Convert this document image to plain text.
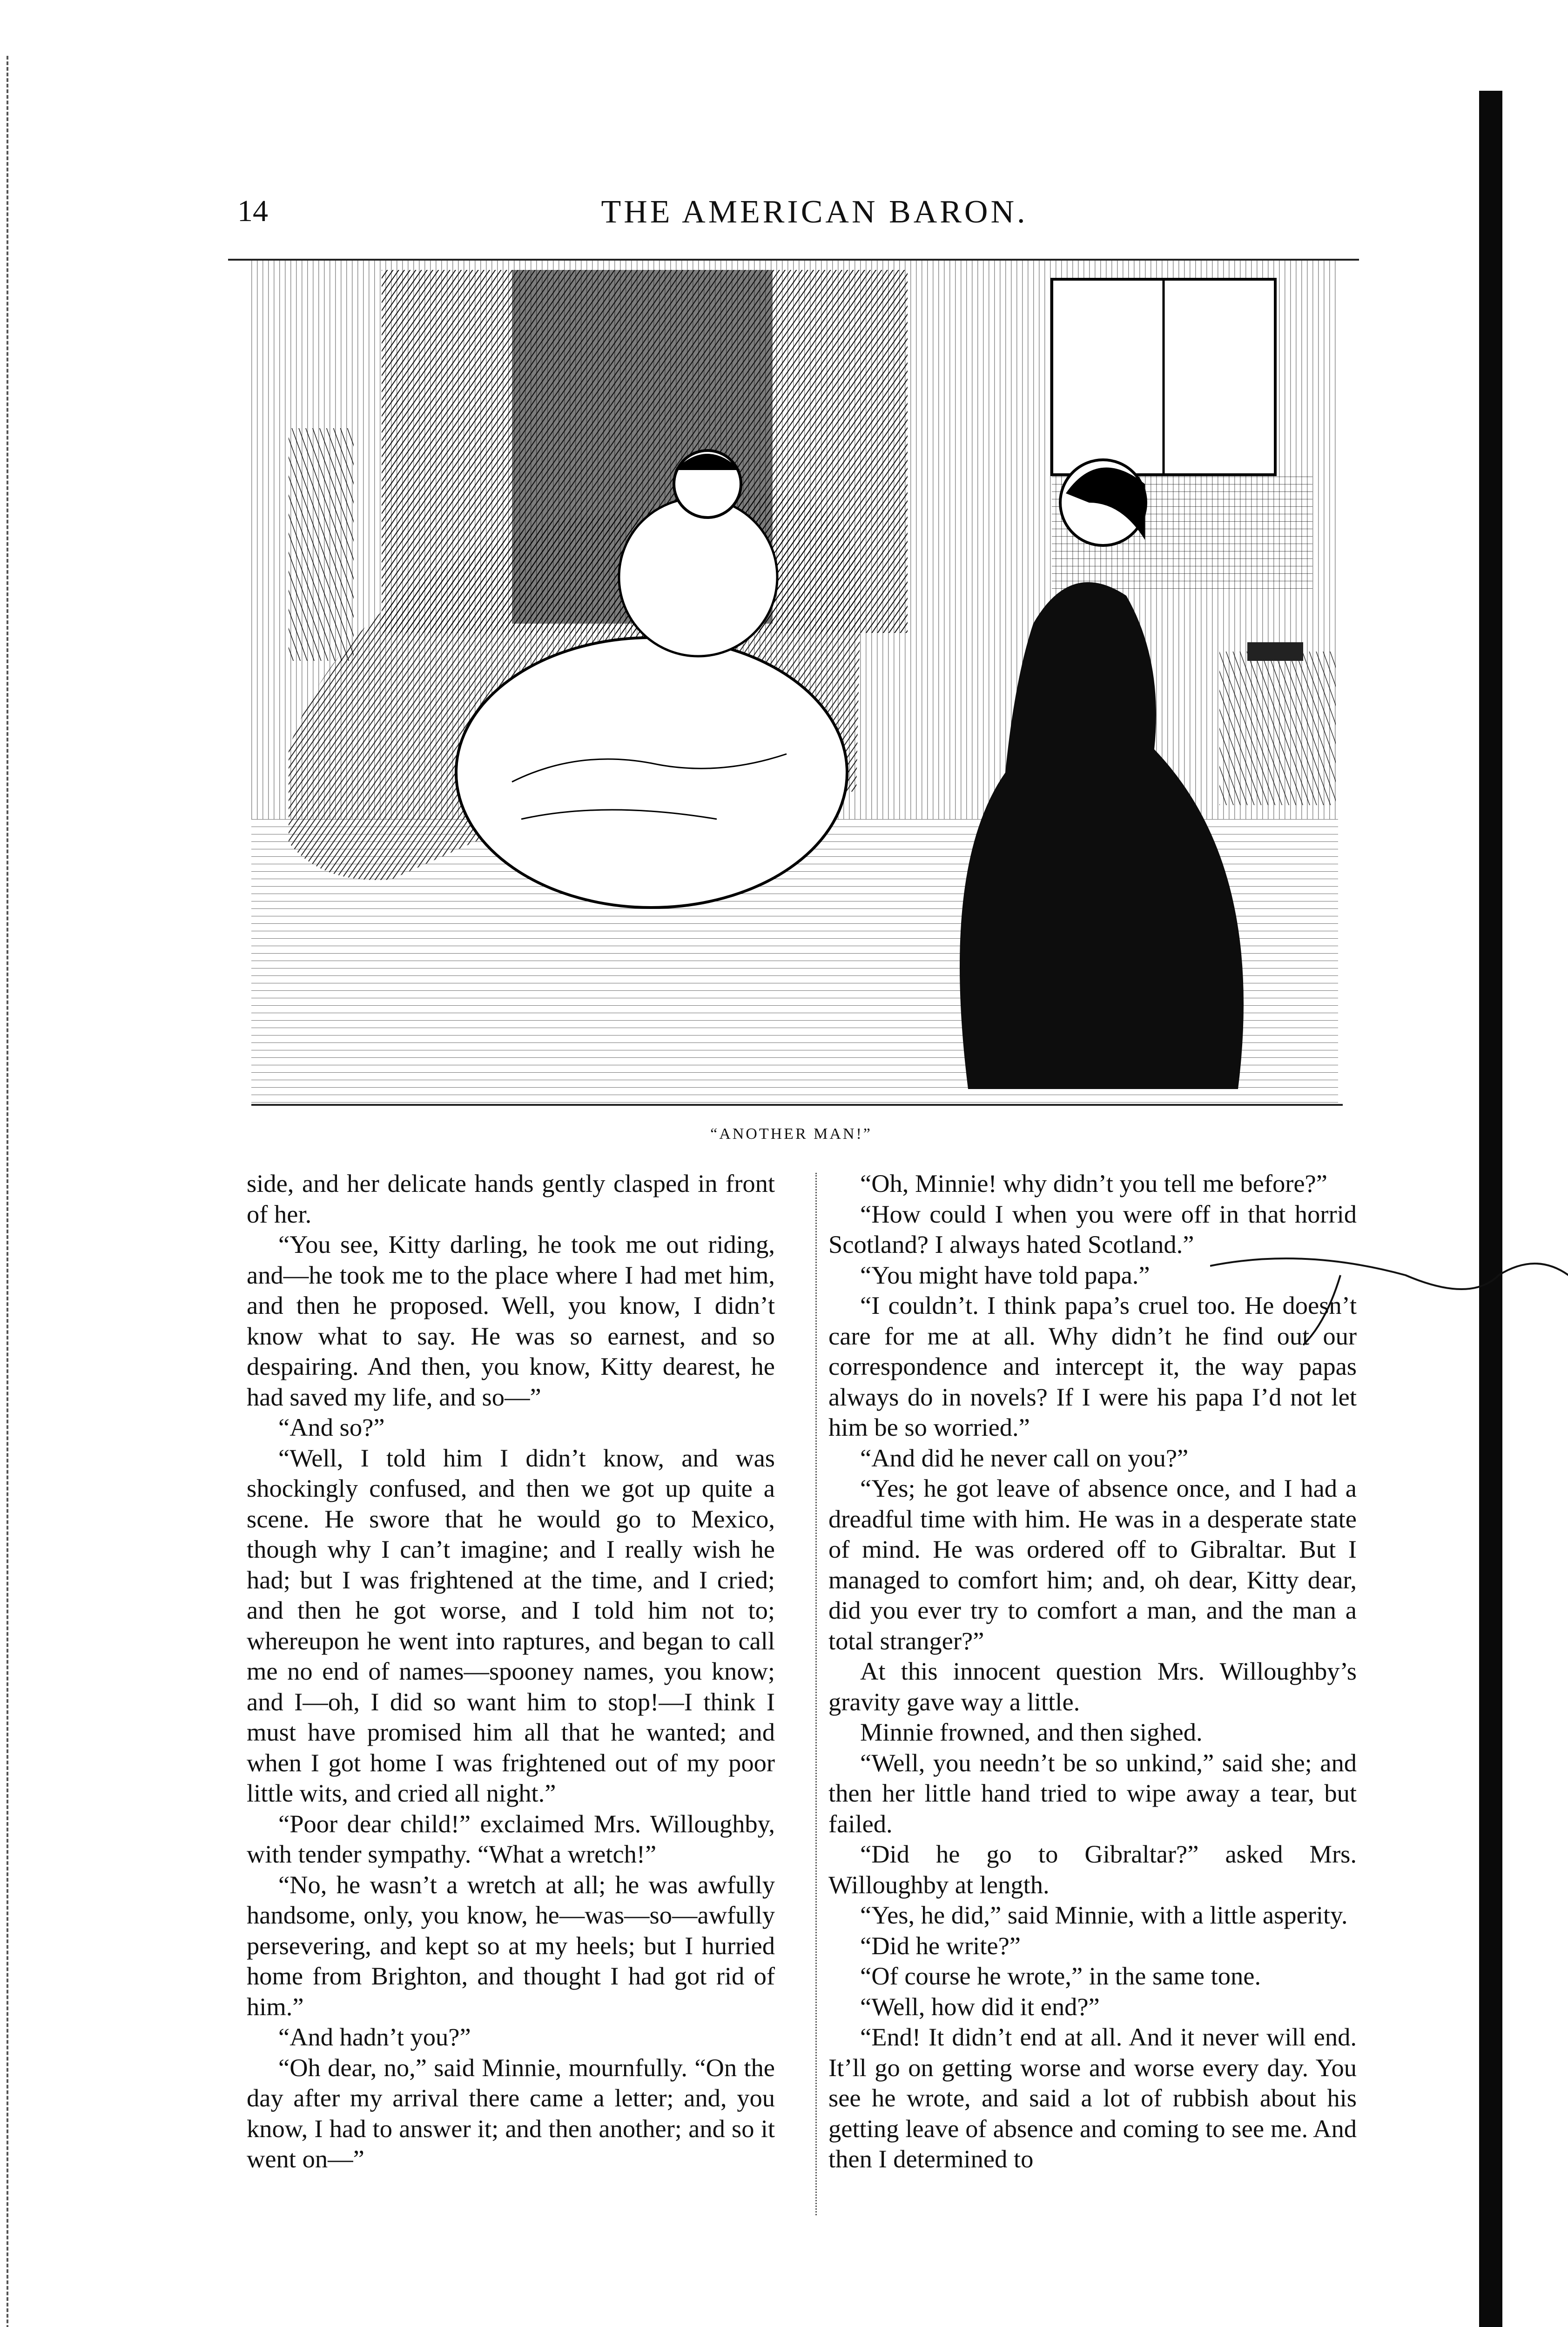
14	THE AMERICAN BARON.
“ANOTHER MAN!”

side, and her delicate hands gently clasped in front of her.

“You see, Kitty darling, he took me out riding, and—he took me to the place where I had met him, and then he proposed. Well, you know, I didn’t know what to say. He was so earnest, and so despairing. And then, you know, Kitty dearest, he had saved my life, and so—”

“And so?”

“Well, I told him I didn’t know, and was shockingly confused, and then we got up quite a scene. He swore that he would go to Mexico, though why I can’t imagine; and I really wish he had; but I was frightened at the time, and I cried; and then he got worse, and I told him not to; whereupon he went into raptures, and began to call me no end of names—spooney names, you know; and I—oh, I did so want him to stop!—I think I must have promised him all that he wanted; and when I got home I was frightened out of my poor little wits, and cried all night.”

“Poor dear child!” exclaimed Mrs. Willoughby, with tender sympathy. “What a wretch!”

“No, he wasn’t a wretch at all; he was awfully handsome, only, you know, he—was—so—awfully persevering, and kept so at my heels; but I hurried home from Brighton, and thought I had got rid of him.”

“And hadn’t you?”

“Oh dear, no,” said Minnie, mournfully. “On the day after my arrival there came a letter; and, you know, I had to answer it; and then another; and so it went on—”

“Oh, Minnie! why didn’t you tell me before?”

“How could I when you were off in that horrid Scotland? I always hated Scotland.”

“You might have told papa.”

“I couldn’t. I think papa’s cruel too. He doesn’t care for me at all. Why didn’t he find out our correspondence and intercept it, the way papas always do in novels? If I were his papa I’d not let him be so worried.”

“And did he never call on you?”

“Yes; he got leave of absence once, and I had a dreadful time with him. He was in a desperate state of mind. He was ordered off to Gibraltar. But I managed to comfort him; and, oh dear, Kitty dear, did you ever try to comfort a man, and the man a total stranger?”

At this innocent question Mrs. Willoughby’s gravity gave way a little.

Minnie frowned, and then sighed.

“Well, you needn’t be so unkind,” said she; and then her little hand tried to wipe away a tear, but failed.

“Did he go to Gibraltar?” asked Mrs. Willoughby at length.

“Yes, he did,” said Minnie, with a little asperity.

“Did he write?”

“Of course he wrote,” in the same tone.

“Well, how did it end?”

“End! It didn’t end at all. And it never will end. It’ll go on getting worse and worse every day. You see he wrote, and said a lot of rubbish about his getting leave of absence and coming to see me. And then I determined to
